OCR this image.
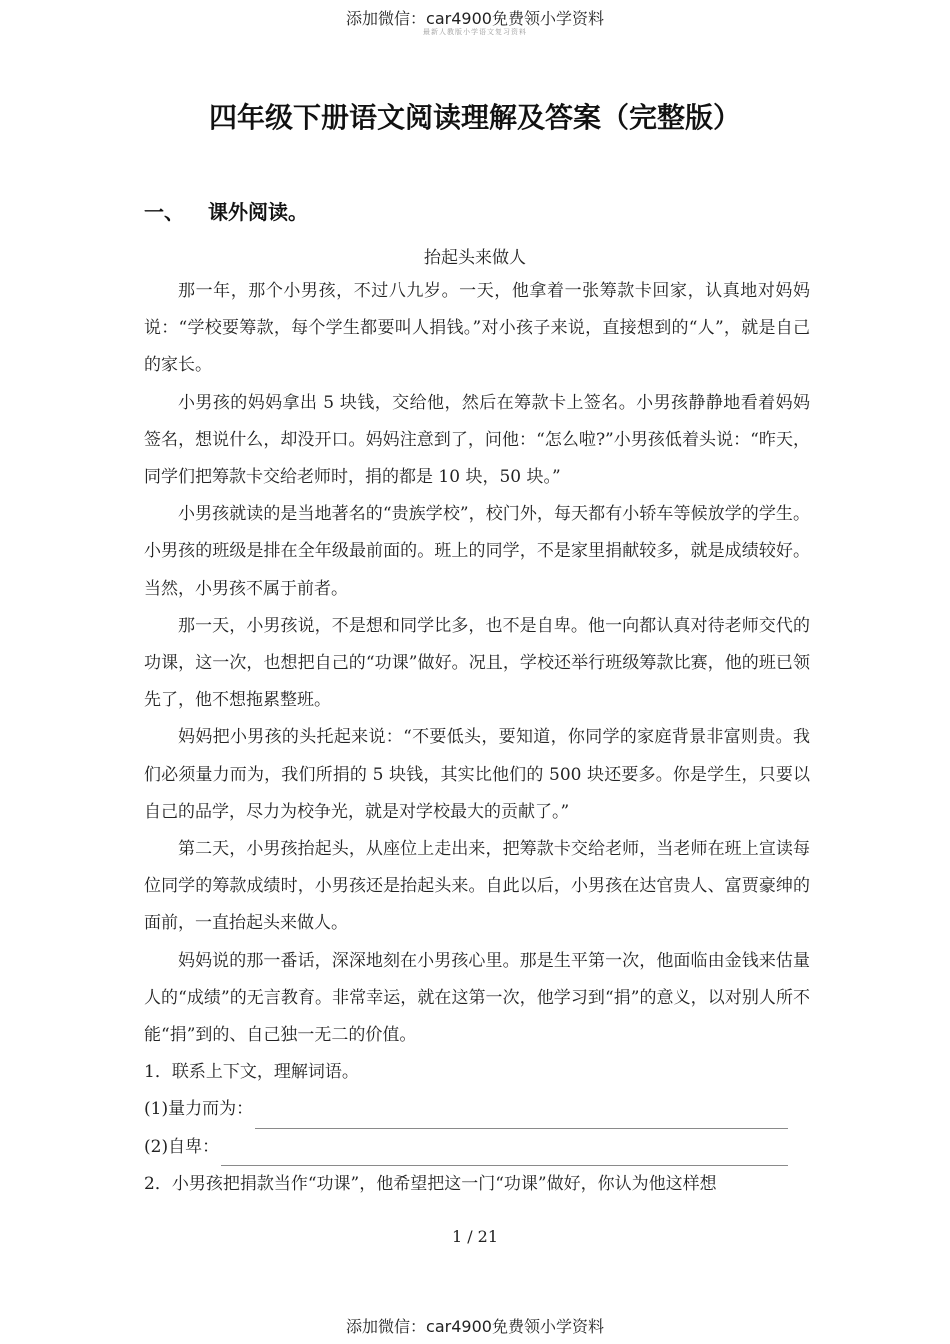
添加微信：car4900免费领小学资料
最新人教版小学语文复习资料
四年级下册语文阅读理解及答案（完整版）
一、 课外阅读。
抬起头来做人

那一年，那个小男孩，不过八九岁。一天，他拿着一张筹款卡回家，认真地对妈妈说：“学校要筹款，每个学生都要叫人捐钱。”对小孩子来说，直接想到的“人”，就是自己的家长。

小男孩的妈妈拿出 5 块钱，交给他，然后在筹款卡上签名。小男孩静静地看着妈妈签名，想说什么，却没开口。妈妈注意到了，问他：“怎么啦?”小男孩低着头说：“昨天，同学们把筹款卡交给老师时，捐的都是 10 块，50 块。”

小男孩就读的是当地著名的“贵族学校”，校门外，每天都有小轿车等候放学的学生。小男孩的班级是排在全年级最前面的。班上的同学，不是家里捐献较多，就是成绩较好。当然，小男孩不属于前者。

那一天，小男孩说，不是想和同学比多，也不是自卑。他一向都认真对待老师交代的功课，这一次，也想把自己的“功课”做好。况且，学校还举行班级筹款比赛，他的班已领先了，他不想拖累整班。

妈妈把小男孩的头托起来说：“不要低头，要知道，你同学的家庭背景非富则贵。我们必须量力而为，我们所捐的 5 块钱，其实比他们的 500 块还要多。你是学生，只要以自己的品学，尽力为校争光，就是对学校最大的贡献了。”

第二天，小男孩抬起头，从座位上走出来，把筹款卡交给老师，当老师在班上宣读每位同学的筹款成绩时，小男孩还是抬起头来。自此以后，小男孩在达官贵人、富贾豪绅的面前，一直抬起头来做人。

妈妈说的那一番话，深深地刻在小男孩心里。那是生平第一次，他面临由金钱来估量人的“成绩”的无言教育。非常幸运，就在这第一次，他学习到“捐”的意义，以对别人所不能“捐”到的、自己独一无二的价值。

1．联系上下文，理解词语。
(1)量力而为：
(2)自卑：
2．小男孩把捐款当作“功课”，他希望把这一门“功课”做好，你认为他这样想
1 / 21
添加微信：car4900免费领小学资料
